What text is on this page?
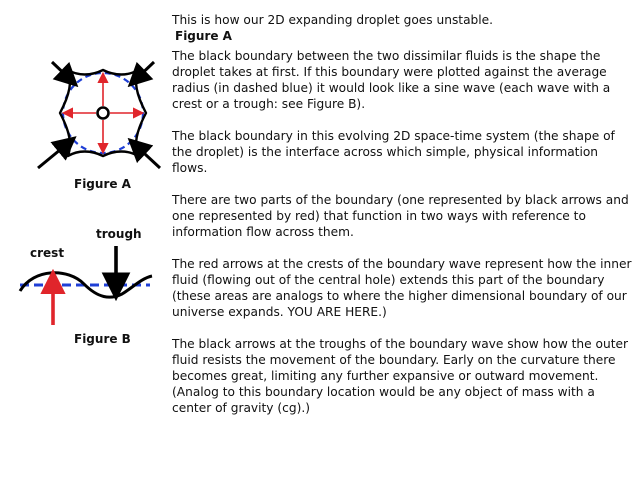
Figure A
crest
trough
Figure B

This is how our 2D expanding droplet goes unstable.

Figure A

The black boundary between the two dissimilar fluids is the shape the droplet takes at first. If this boundary were plotted against the average radius (in dashed blue) it would look like a sine wave (each wave with a crest or a trough: see Figure B).

The black boundary in this evolving 2D space-time system (the shape of the droplet) is the interface across which simple, physical information flows.

There are two parts of the boundary (one represented by black arrows and one represented by red) that function in two ways with reference to information flow across them.

The red arrows at the crests of the boundary wave represent how the inner fluid (flowing out of the central hole) extends this part of the boundary (these areas are analogs to where the higher dimensional boundary of our universe expands. YOU ARE HERE.)

The black arrows at the troughs of the boundary wave show how the outer fluid resists the movement of the boundary. Early on the curvature there becomes great, limiting any further expansive or outward movement. (Analog to this boundary location would be any object of mass with a center of gravity (cg).)
